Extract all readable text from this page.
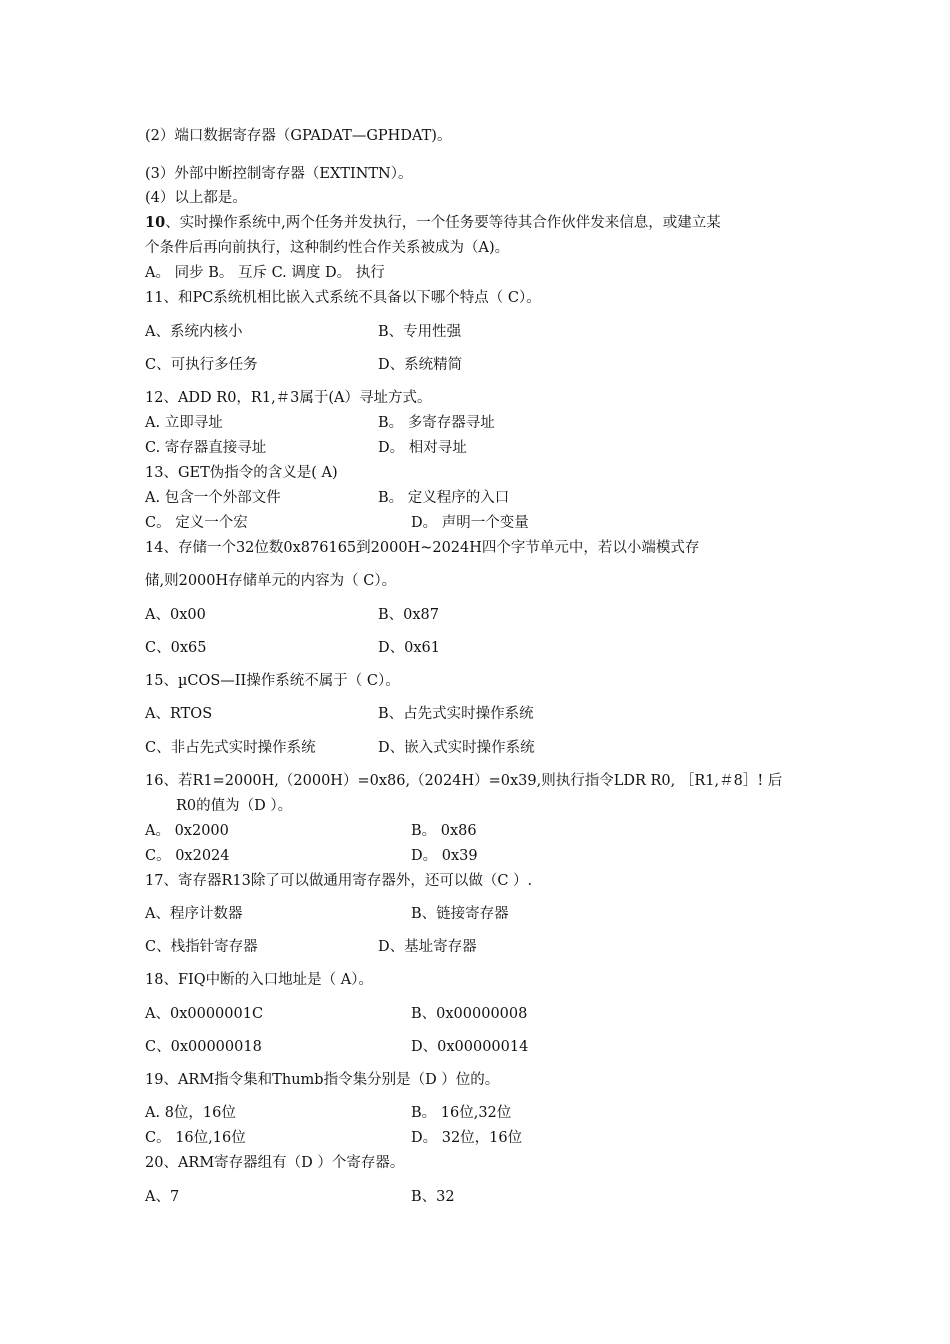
(2）端口数据寄存器（GPADAT—GPHDAT)。
(3）外部中断控制寄存器（EXTINTN）。
(4）以上都是。
10、实时操作系统中,两个任务并发执行，一个任务要等待其合作伙伴发来信息，或建立某
个条件后再向前执行，这种制约性合作关系被成为（A)。
A。 同步 B。 互斥 C. 调度 D。 执行
11、和PC系统机相比嵌入式系统不具备以下哪个特点（ C）。
A、系统内核小	B、专用性强
C、可执行多任务	D、系统精简
12、ADD R0，R1,＃3属于(A）寻址方式。
A. 立即寻址	B。 多寄存器寻址
C. 寄存器直接寻址	D。 相对寻址
13、GET伪指令的含义是( A)
A. 包含一个外部文件	B。 定义程序的入口
C。 定义一个宏	D。 声明一个变量
14、存储一个32位数0x876165到2000H~2024H四个字节单元中，若以小端模式存
储,则2000H存储单元的内容为（ C）。
A、0x00	B、0x87
C、0x65	D、0x61
15、µCOS—II操作系统不属于（ C）。
A、RTOS	B、占先式实时操作系统
C、非占先式实时操作系统	D、嵌入式实时操作系统
16、若R1=2000H,（2000H）=0x86,（2024H）=0x39,则执行指令LDR R0, ［R1,＃8］! 后
R0的值为（D ）。
A。 0x2000	B。 0x86
C。 0x2024	D。 0x39
17、寄存器R13除了可以做通用寄存器外，还可以做（C ）.
A、程序计数器	B、链接寄存器
C、栈指针寄存器	D、基址寄存器
18、FIQ中断的入口地址是（ A）。
A、0x0000001C	B、0x00000008
C、0x00000018	D、0x00000014
19、ARM指令集和Thumb指令集分别是（D ）位的。
A. 8位，16位	B。 16位,32位
C。 16位,16位	D。 32位，16位
20、ARM寄存器组有（D ）个寄存器。
A、7	B、32
